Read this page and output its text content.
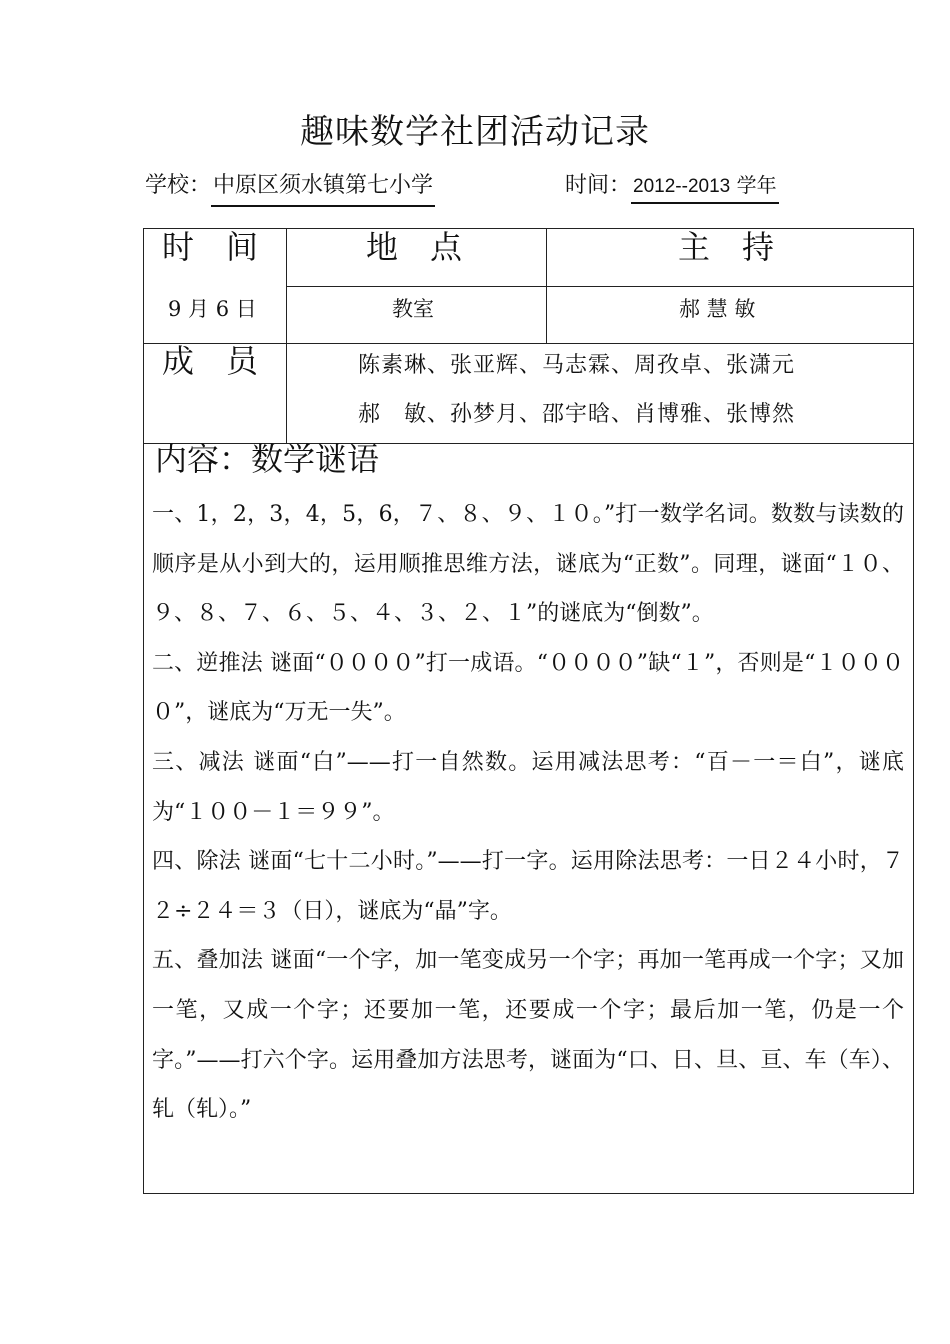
趣味数学社团活动记录
学校：中原区须水镇第七小学	时间： 2012--2013 学年
时　间	地　点	主　持
9 月 6 日	教室	郝 慧 敏
成　员	陈素琳、张亚辉、马志霖、周孜卓、张潇元
郝　敏、孙梦月、邵宇晗、肖博雅、张博然
内容：数学谜语

一、1，2，3，4，5，6，７、８、９、１０。”打一数学名词。数数与读数的顺序是从小到大的，运用顺推思维方法，谜底为“正数”。同理，谜面“１０、９、８、７、６、５、４、３、２、１”的谜底为“倒数”。

二、逆推法 谜面“００００”打一成语。“００００”缺“１”，否则是“１００００”，谜底为“万无一失”。

三、减法 谜面“白”——打一自然数。运用减法思考：“百－一＝白”，谜底为“１００－１＝９９”。

四、除法 谜面“七十二小时。”——打一字。运用除法思考：一日２４小时，７２÷２４＝３（日），谜底为“晶”字。

五、叠加法 谜面“一个字，加一笔变成另一个字；再加一笔再成一个字；又加一笔，又成一个字；还要加一笔，还要成一个字；最后加一笔，仍是一个字。”——打六个字。运用叠加方法思考，谜面为“口、日、旦、亘、车（车）、轧（轧）。”
